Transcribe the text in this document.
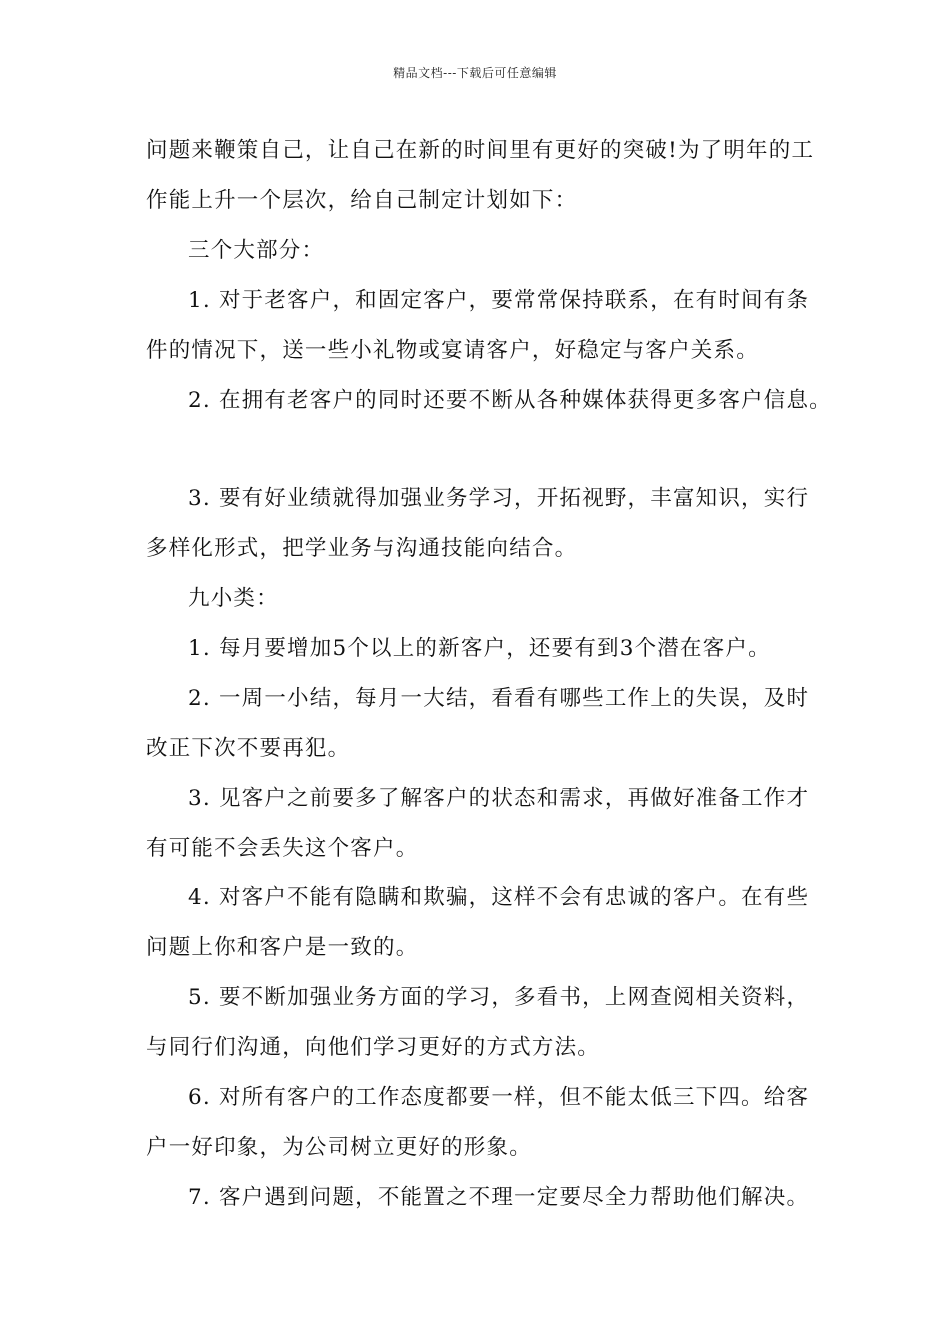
精品文档---下载后可任意编辑
问题来鞭策自己，让自己在新的时间里有更好的突破!为了明年的工
作能上升一个层次，给自己制定计划如下：
三个大部分：
1. 对于老客户，和固定客户，要常常保持联系，在有时间有条
件的情况下，送一些小礼物或宴请客户，好稳定与客户关系。
2. 在拥有老客户的同时还要不断从各种媒体获得更多客户信息。
3. 要有好业绩就得加强业务学习，开拓视野，丰富知识，实行
多样化形式，把学业务与沟通技能向结合。
九小类：
1. 每月要增加5个以上的新客户，还要有到3个潜在客户。
2. 一周一小结，每月一大结，看看有哪些工作上的失误，及时
改正下次不要再犯。
3. 见客户之前要多了解客户的状态和需求，再做好准备工作才
有可能不会丢失这个客户。
4. 对客户不能有隐瞒和欺骗，这样不会有忠诚的客户。在有些
问题上你和客户是一致的。
5. 要不断加强业务方面的学习，多看书，上网查阅相关资料，
与同行们沟通，向他们学习更好的方式方法。
6. 对所有客户的工作态度都要一样，但不能太低三下四。给客
户一好印象，为公司树立更好的形象。
7. 客户遇到问题，不能置之不理一定要尽全力帮助他们解决。
